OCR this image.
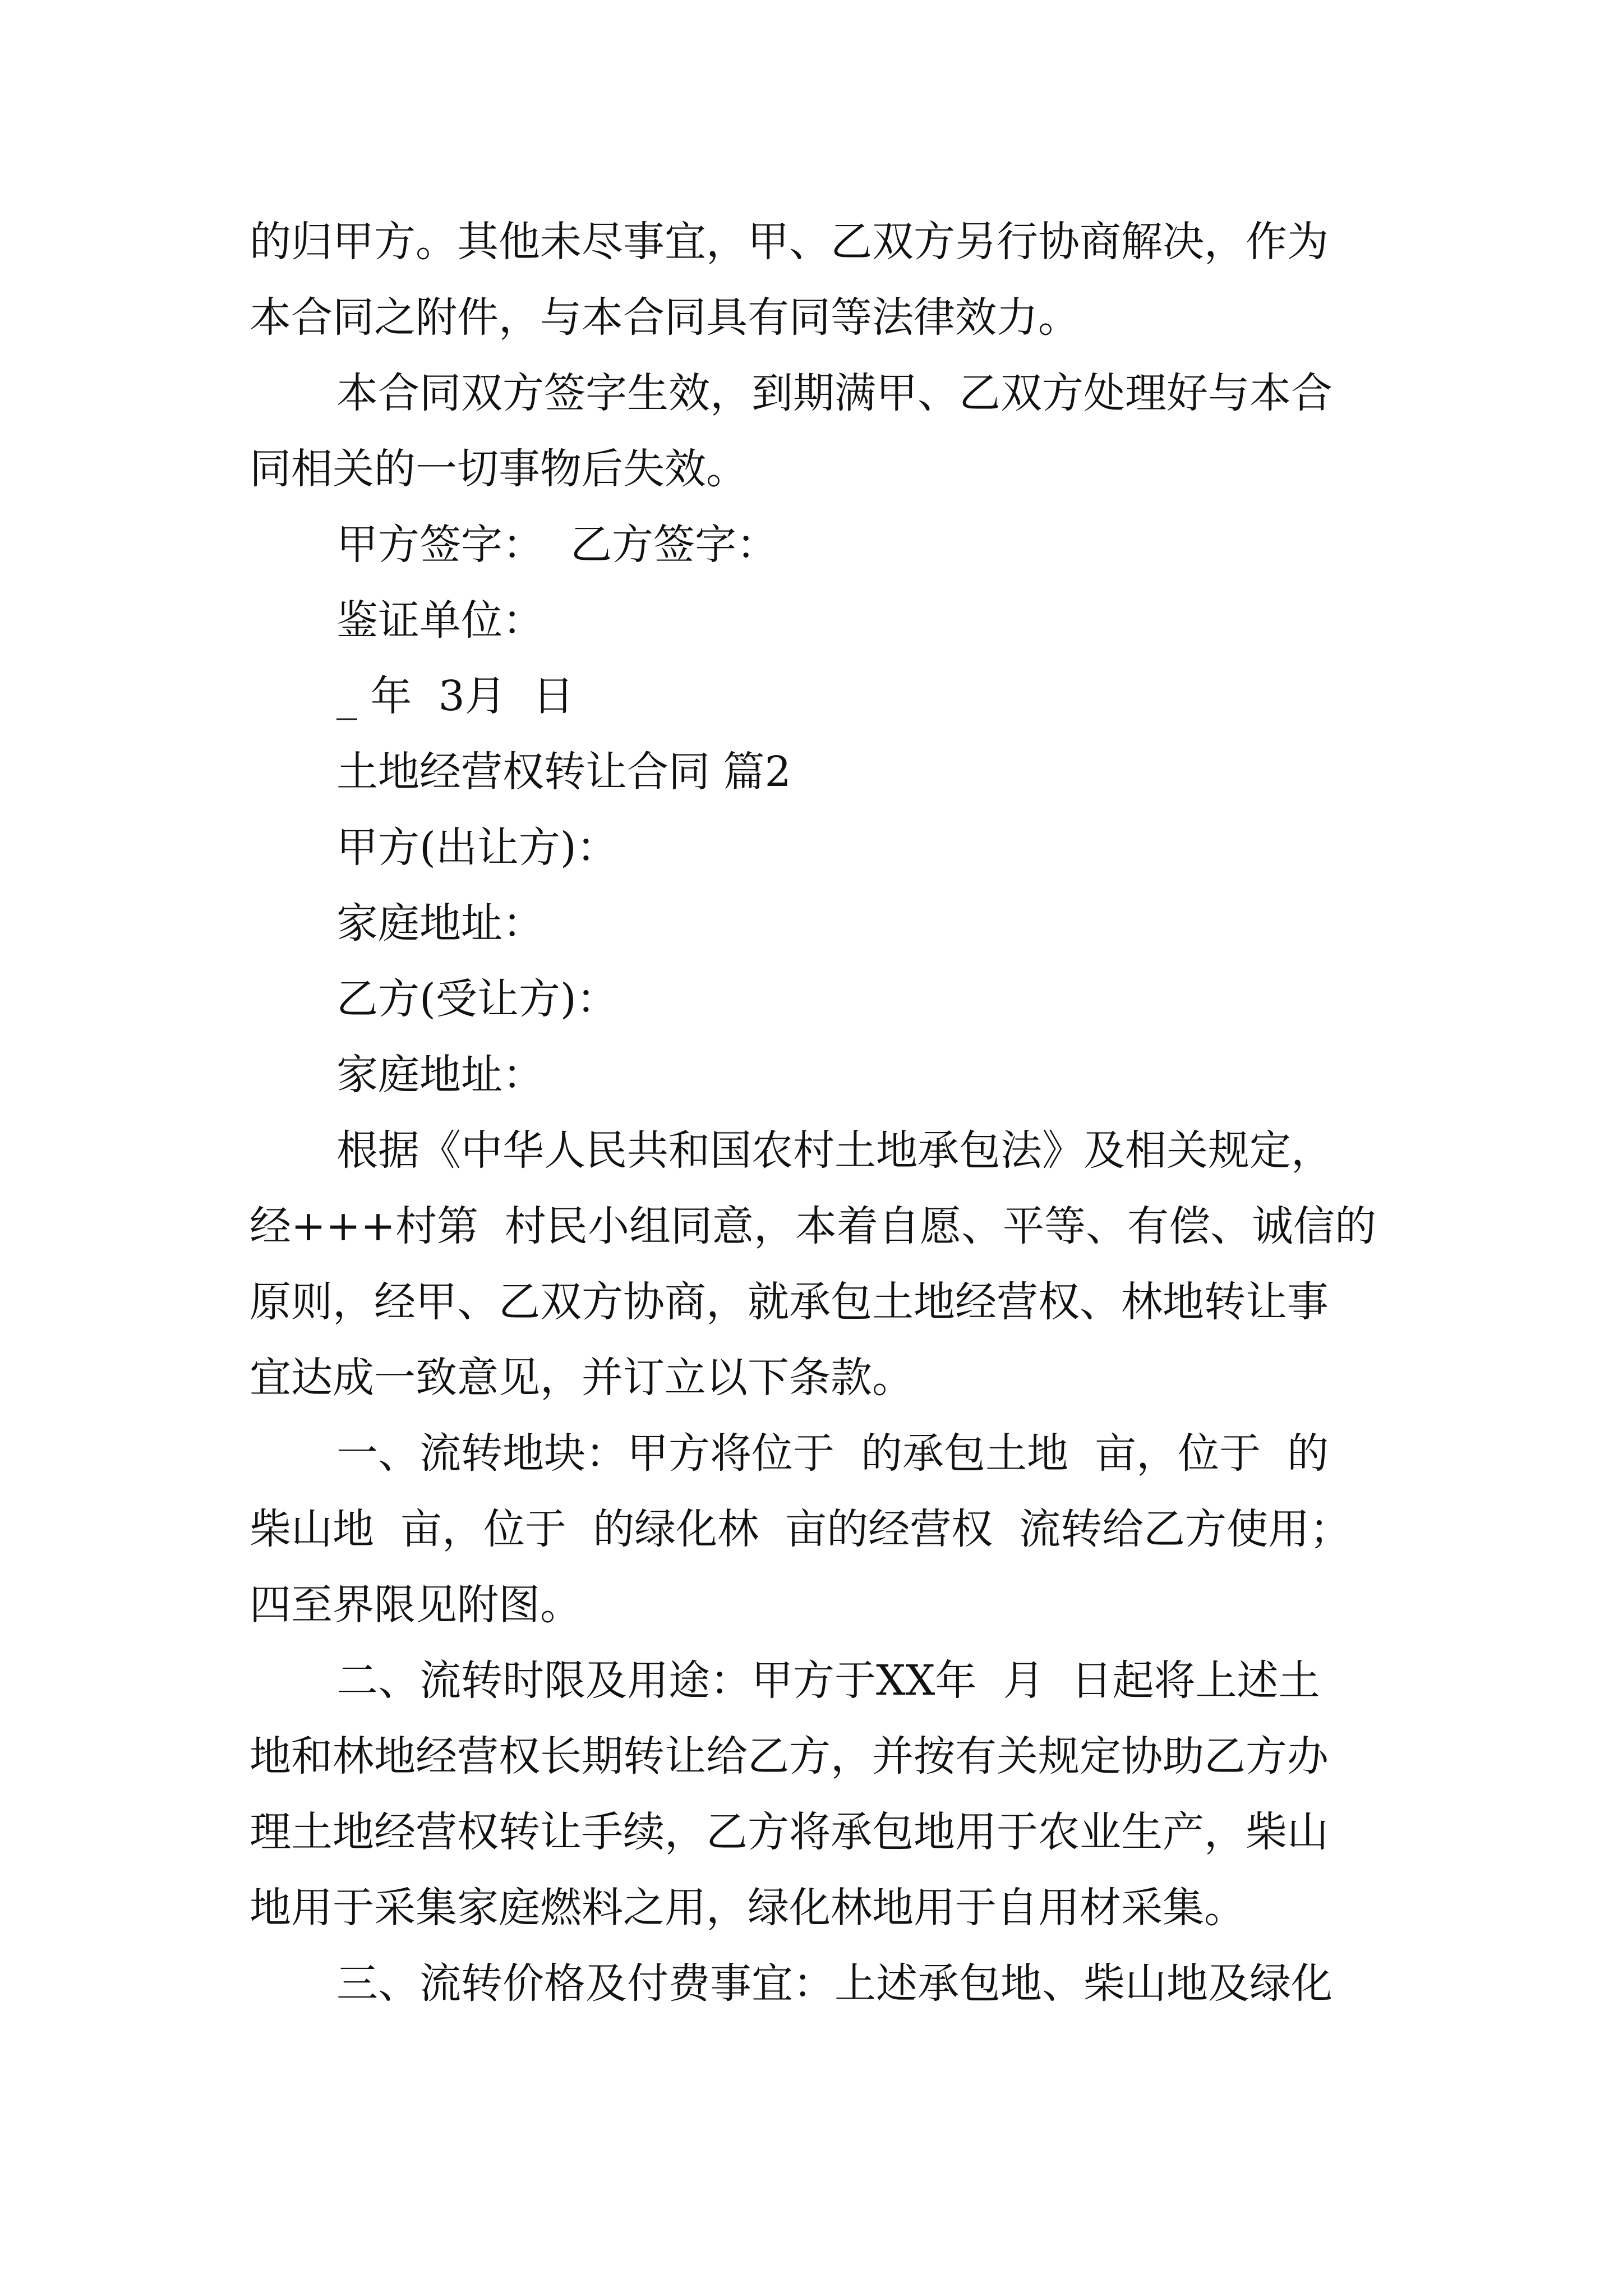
的归甲方。其他未尽事宜，甲、乙双方另行协商解决，作为
本合同之附件，与本合同具有同等法律效力。
本合同双方签字生效，到期满甲、乙双方处理好与本合
同相关的一切事物后失效。
甲方签字：  乙方签字：
鉴证单位：
_ 年  3月  日
土地经营权转让合同 篇2
甲方(出让方)：
家庭地址：
乙方(受让方)：
家庭地址：
根据《中华人民共和国农村土地承包法》及相关规定，
经+++村第  村民小组同意，本着自愿、平等、有偿、诚信的
原则，经甲、乙双方协商，就承包土地经营权、林地转让事
宜达成一致意见，并订立以下条款。
一、流转地块：甲方将位于  的承包土地  亩，位于  的
柴山地  亩，位于  的绿化林  亩的经营权  流转给乙方使用；
四至界限见附图。
二、流转时限及用途：甲方于XX年  月  日起将上述土
地和林地经营权长期转让给乙方，并按有关规定协助乙方办
理土地经营权转让手续，乙方将承包地用于农业生产，柴山
地用于采集家庭燃料之用，绿化林地用于自用材采集。
三、流转价格及付费事宜：上述承包地、柴山地及绿化
